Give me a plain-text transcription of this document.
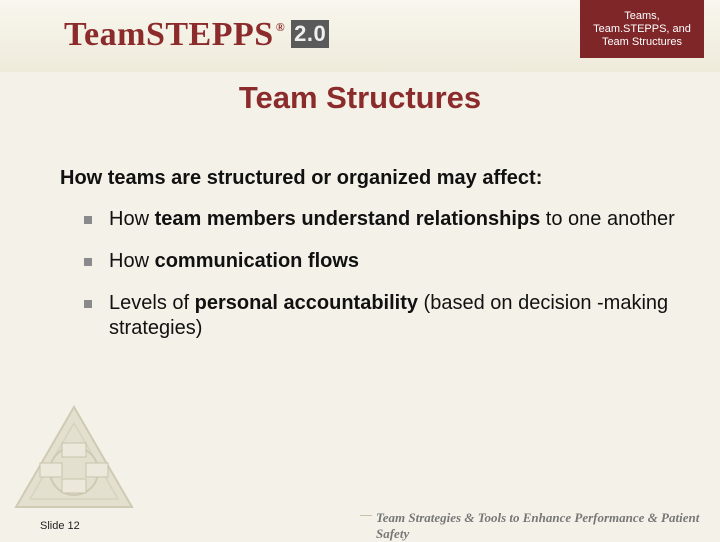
TeamSTEPPS ® 2.0
Teams,
Team.STEPPS, and
Team Structures
Team Structures
How teams are structured or organized may affect:
How team members understand relationships to one another
How communication flows
Levels of personal accountability (based on decision -making strategies)
Slide 12
Team Strategies & Tools to Enhance Performance & Patient Safety
